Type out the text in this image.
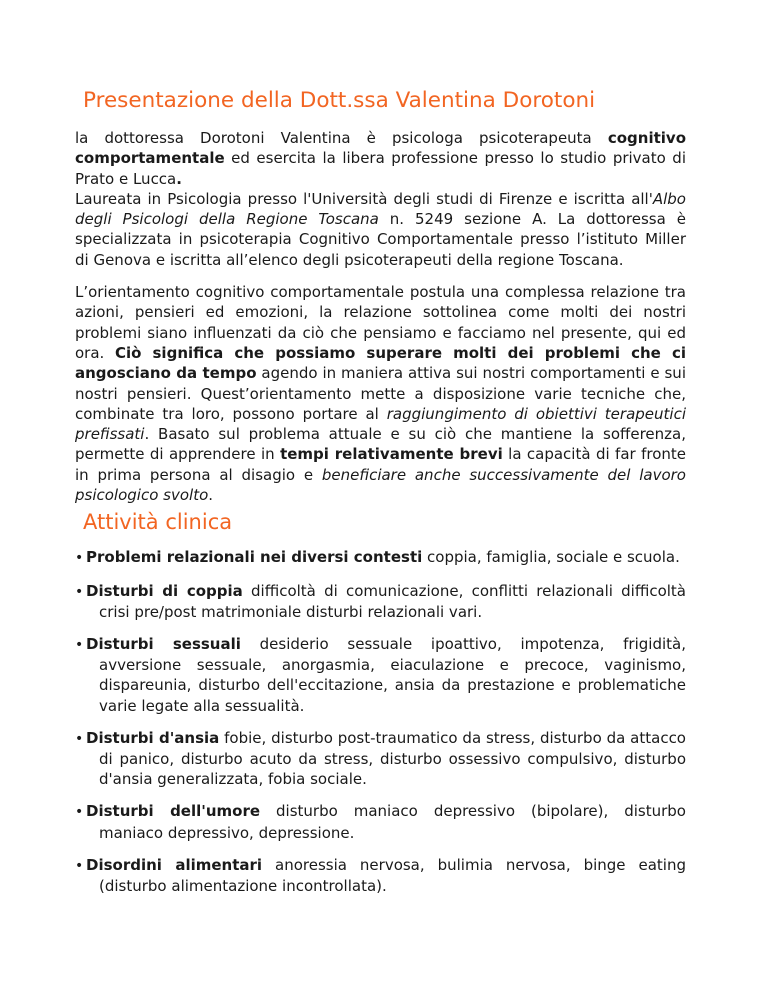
Presentazione della Dott.ssa Valentina Dorotoni

la dottoressa Dorotoni Valentina è psicologa psicoterapeuta cognitivo comportamentale ed esercita la libera professione presso lo studio privato di Prato e Lucca.
Laureata in Psicologia presso l'Università degli studi di Firenze e iscritta all'Albo degli Psicologi della Regione Toscana n. 5249 sezione A. La dottoressa è specializzata in psicoterapia Cognitivo Comportamentale presso l’istituto Miller di Genova e iscritta all’elenco degli psicoterapeuti della regione Toscana.

L’orientamento cognitivo comportamentale postula una complessa relazione tra azioni, pensieri ed emozioni, la relazione sottolinea come molti dei nostri problemi siano influenzati da ciò che pensiamo e facciamo nel presente, qui ed ora. Ciò significa che possiamo superare molti dei problemi che ci angosciano da tempo agendo in maniera attiva sui nostri comportamenti e sui nostri pensieri. Quest’orientamento mette a disposizione varie tecniche che, combinate tra loro, possono portare al raggiungimento di obiettivi terapeutici prefissati. Basato sul problema attuale e su ciò che mantiene la sofferenza, permette di apprendere in tempi relativamente brevi la capacità di far fronte in prima persona al disagio e beneficiare anche successivamente del lavoro psicologico svolto.

Attività clinica
• Problemi relazionali nei diversi contesti coppia, famiglia, sociale e scuola.
• Disturbi di coppia difficoltà di comunicazione, conflitti relazionali difficoltà crisi pre/post matrimoniale disturbi relazionali vari.
• Disturbi sessuali desiderio sessuale ipoattivo, impotenza, frigidità, avversione sessuale, anorgasmia, eiaculazione e precoce, vaginismo, dispareunia, disturbo dell'eccitazione, ansia da prestazione e problematiche varie legate alla sessualità.
• Disturbi d'ansia fobie, disturbo post-traumatico da stress, disturbo da attacco di panico, disturbo acuto da stress, disturbo ossessivo compulsivo, disturbo d'ansia generalizzata, fobia sociale.
• Disturbi dell'umore disturbo maniaco depressivo (bipolare), disturbo maniaco depressivo, depressione.
• Disordini alimentari anoressia nervosa, bulimia nervosa, binge eating (disturbo alimentazione incontrollata).
